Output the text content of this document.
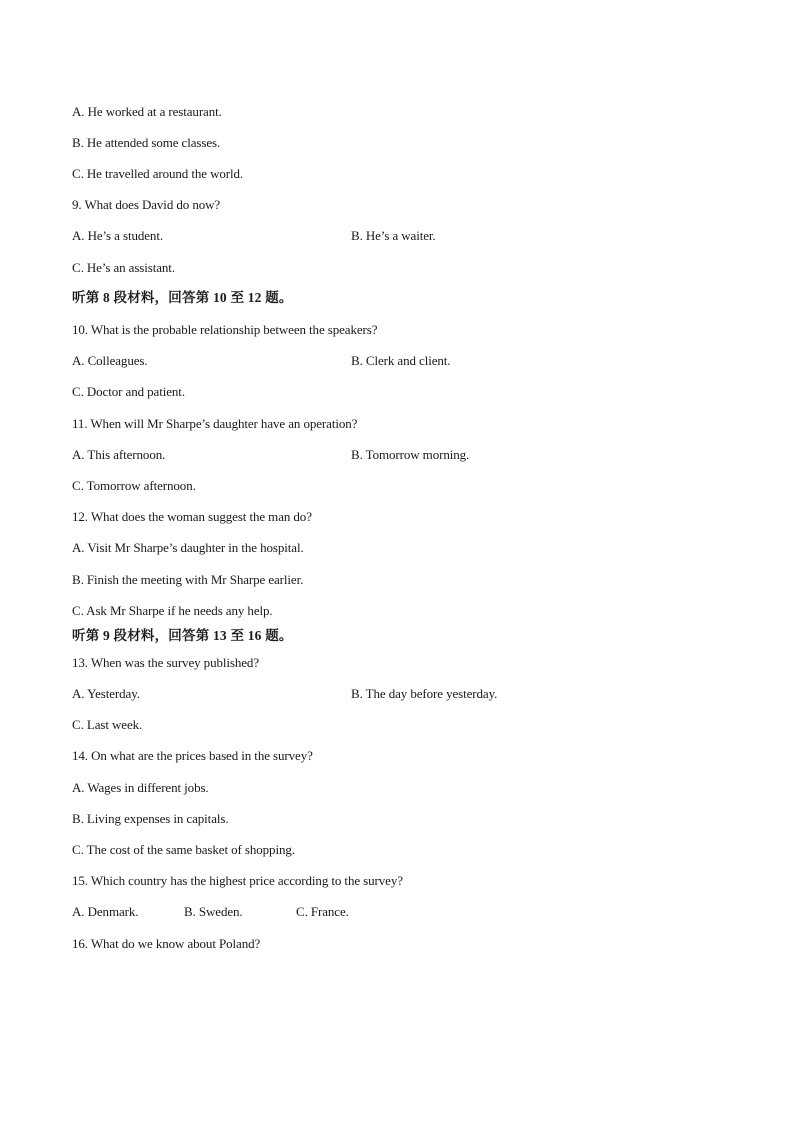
A. He worked at a restaurant.
B. He attended some classes.
C. He travelled around the world.
9. What does David do now?
A. He’s a student.	B. He’s a waiter.
C. He’s an assistant.
听第 8 段材料，回答第 10 至 12 题。
10. What is the probable relationship between the speakers?
A. Colleagues.	B. Clerk and client.
C. Doctor and patient.
11. When will Mr Sharpe’s daughter have an operation?
A. This afternoon.	B. Tomorrow morning.
C. Tomorrow afternoon.
12. What does the woman suggest the man do?
A. Visit Mr Sharpe’s daughter in the hospital.
B. Finish the meeting with Mr Sharpe earlier.
C. Ask Mr Sharpe if he needs any help.
听第 9 段材料，回答第 13 至 16 题。
13. When was the survey published?
A. Yesterday.	B. The day before yesterday.
C. Last week.
14. On what are the prices based in the survey?
A. Wages in different jobs.
B. Living expenses in capitals.
C. The cost of the same basket of shopping.
15. Which country has the highest price according to the survey?
A. Denmark.	B. Sweden.	C. France.
16. What do we know about Poland?
